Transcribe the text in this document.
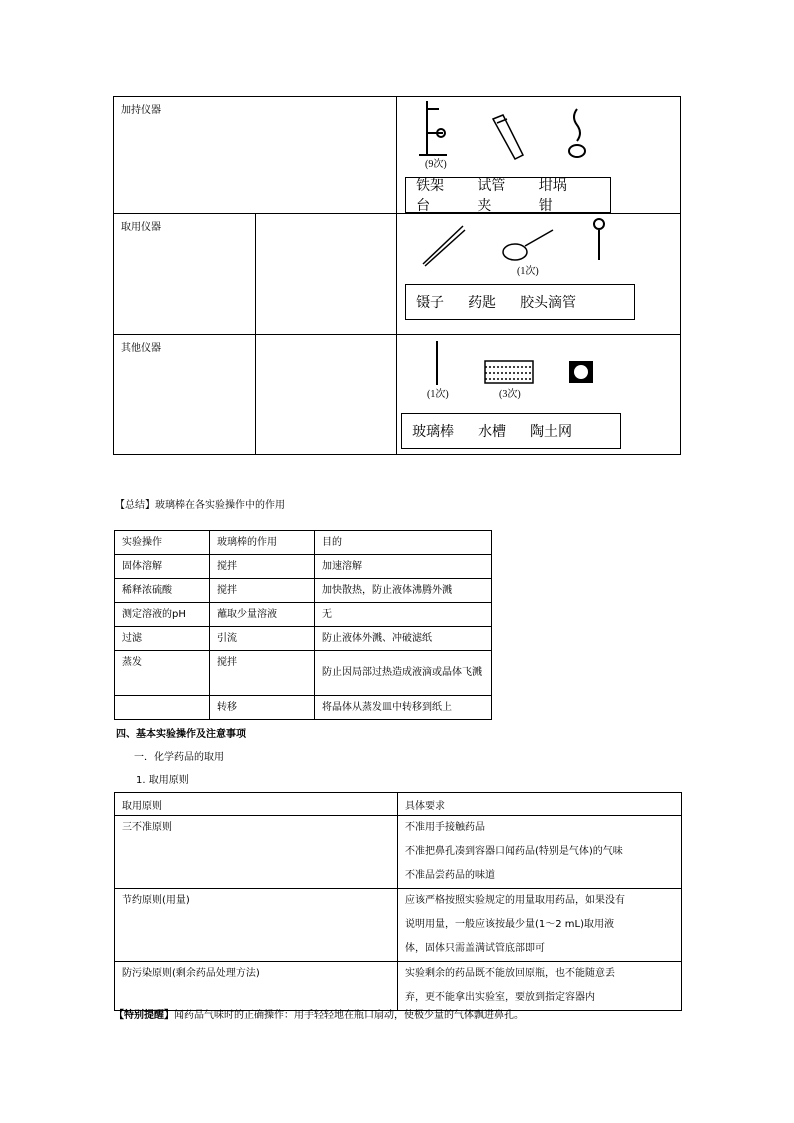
加持仪器		(9次)
铁架台
试管夹
坩埚钳

取用仪器		(1次)
镊子 药匙 胶头滴管

其他仪器		(1次) (3次)
玻璃棒 水槽 陶土网
【总结】玻璃棒在各实验操作中的作用
实验操作	玻璃棒的作用	目的
固体溶解	搅拌	加速溶解
稀释浓硫酸	搅拌	加快散热，防止液体沸腾外溅
测定溶液的pH	蘸取少量溶液	无
过滤	引流	防止液体外溅、冲破滤纸
蒸发	搅拌	防止因局部过热造成液滴或晶体飞溅
	转移	将晶体从蒸发皿中转移到纸上
四、基本实验操作及注意事项
一．化学药品的取用
1. 取用原则
取用原则	具体要求
三不准原则	不准用手接触药品
不准把鼻孔凑到容器口闻药品(特别是气体)的气味
不准品尝药品的味道

节约原则(用量)	应该严格按照实验规定的用量取用药品，如果没有
说明用量，一般应该按最少量(1～2 mL)取用液
体，固体只需盖满试管底部即可

防污染原则(剩余药品处理方法)	实验剩余的药品既不能放回原瓶，也不能随意丢
弃，更不能拿出实验室，要放到指定容器内
【特别提醒】闻药品气味时的正确操作：用手轻轻地在瓶口扇动，使极少量的气体飘进鼻孔。
